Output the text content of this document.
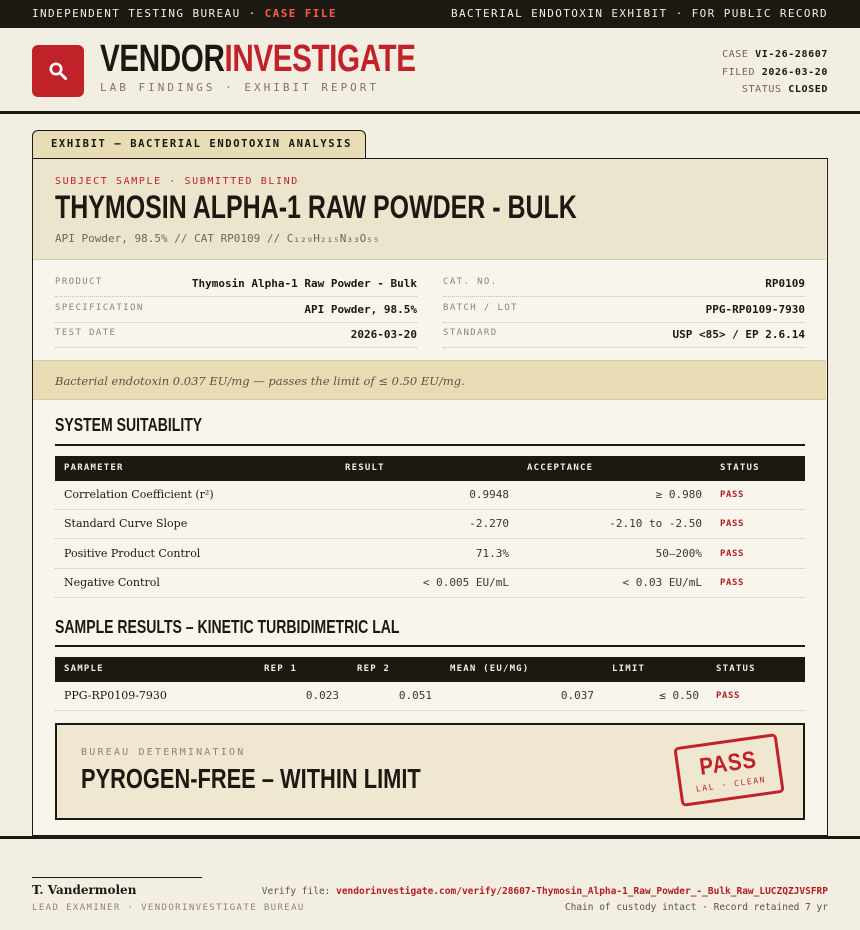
INDEPENDENT TESTING BUREAU · CASE FILE	BACTERIAL ENDOTOXIN EXHIBIT · FOR PUBLIC RECORD
VENDORINVESTIGATE
LAB FINDINGS · EXHIBIT REPORT
CASE VI-26-28607
FILED 2026-03-20
STATUS CLOSED
EXHIBIT — BACTERIAL ENDOTOXIN ANALYSIS
SUBJECT SAMPLE · SUBMITTED BLIND
THYMOSIN ALPHA-1 RAW POWDER - BULK
API Powder, 98.5% // CAT RP0109 // C₁₂₉H₂₁₅N₃₃O₅₅
PRODUCT	Thymosin Alpha-1 Raw Powder - Bulk
SPECIFICATION	API Powder, 98.5%
TEST DATE	2026-03-20
CAT. NO.	RP0109
BATCH / LOT	PPG-RP0109-7930
STANDARD	USP <85> / EP 2.6.14
Bacterial endotoxin 0.037 EU/mg — passes the limit of ≤ 0.50 EU/mg.
SYSTEM SUITABILITY
PARAMETER	RESULT	ACCEPTANCE	STATUS
Correlation Coefficient (r²)	0.9948	≥ 0.980 PASS
Standard Curve Slope	-2.270	-2.10 to -2.50 PASS
Positive Product Control	71.3%	50–200% PASS
Negative Control	< 0.005 EU/mL	< 0.03 EU/mL PASS
SAMPLE RESULTS – KINETIC TURBIDIMETRIC LAL
SAMPLE	REP 1	REP 2	MEAN (EU/MG)	LIMIT	STATUS
PPG-RP0109-7930	0.023	0.051	0.037	≤ 0.50 PASS
BUREAU DETERMINATION
PYROGEN-FREE – WITHIN LIMIT	PASS
LAL · CLEAN
T. Vandermolen
LEAD EXAMINER · VENDORINVESTIGATE BUREAU
Verify file: vendorinvestigate.com/verify/28607-Thymosin_Alpha-1_Raw_Powder_-_Bulk_Raw_LUCZQZJVSFRP
Chain of custody intact · Record retained 7 yr
